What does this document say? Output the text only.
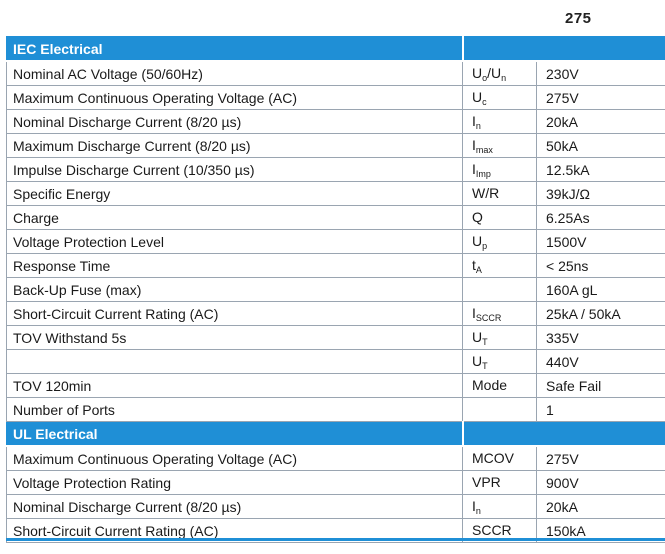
275
IEC Electrical		
Nominal AC Voltage (50/60Hz)	$U_o/U_n$	230V
Maximum Continuous Operating Voltage (AC)	$U_c$	275V
Nominal Discharge Current (8/20 µs)	$I_n$	20kA
Maximum Discharge Current (8/20 µs)	$I_{max}$	50kA
Impulse Discharge Current (10/350 µs)	$I_{Imp}$	12.5kA
Specific Energy	W/R	39kJ/Ω
Charge	Q	6.25As
Voltage Protection Level	$U_p$	1500V
Response Time	$t_A$	< 25ns
Back-Up Fuse (max)		160A gL
Short-Circuit Current Rating (AC)	$I_{SCCR}$	25kA / 50kA
TOV Withstand 5s	$U_T$	335V
	$U_T$	440V
TOV 120min	Mode	Safe Fail
Number of Ports		1
UL Electrical		
Maximum Continuous Operating Voltage (AC)	MCOV	275V
Voltage Protection Rating	VPR	900V
Nominal Discharge Current (8/20 µs)	$I_n$	20kA
Short-Circuit Current Rating (AC)	SCCR	150kA
